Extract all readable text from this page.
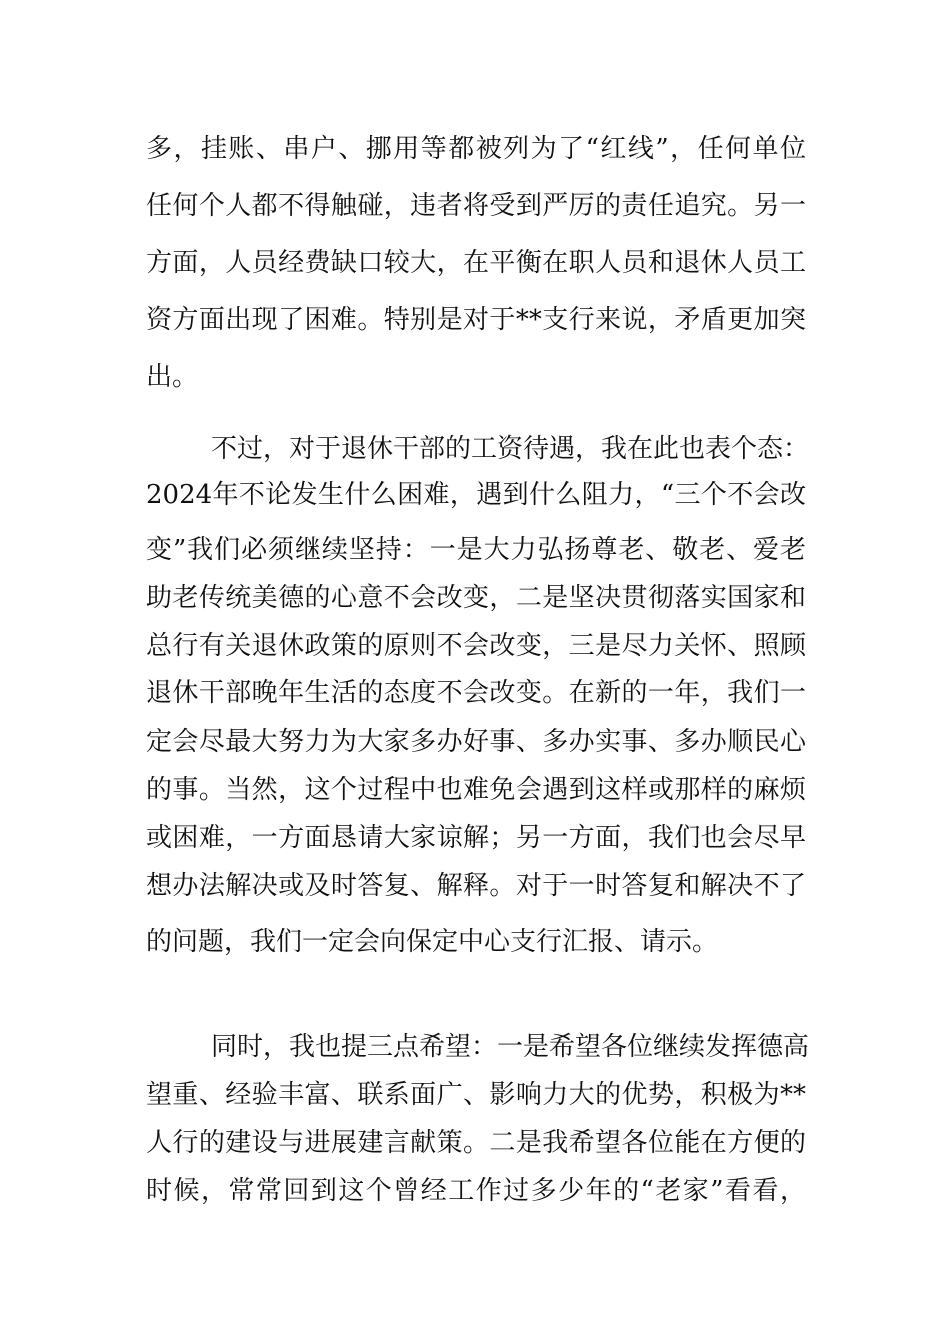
多，挂账、串户、挪用等都被列为了“红线”，任何单位
任何个人都不得触碰，违者将受到严厉的责任追究。另一
方面，人员经费缺口较大，在平衡在职人员和退休人员工
资方面出现了困难。特别是对于**支行来说，矛盾更加突
出。
不过，对于退休干部的工资待遇，我在此也表个态：
2024年不论发生什么困难，遇到什么阻力，“三个不会改
变”我们必须继续坚持：一是大力弘扬尊老、敬老、爱老
助老传统美德的心意不会改变，二是坚决贯彻落实国家和
总行有关退休政策的原则不会改变，三是尽力关怀、照顾
退休干部晚年生活的态度不会改变。在新的一年，我们一
定会尽最大努力为大家多办好事、多办实事、多办顺民心
的事。当然，这个过程中也难免会遇到这样或那样的麻烦
或困难，一方面恳请大家谅解；另一方面，我们也会尽早
想办法解决或及时答复、解释。对于一时答复和解决不了
的问题，我们一定会向保定中心支行汇报、请示。
同时，我也提三点希望：一是希望各位继续发挥德高
望重、经验丰富、联系面广、影响力大的优势，积极为**
人行的建设与进展建言献策。二是我希望各位能在方便的
时候，常常回到这个曾经工作过多少年的“老家”看看，
